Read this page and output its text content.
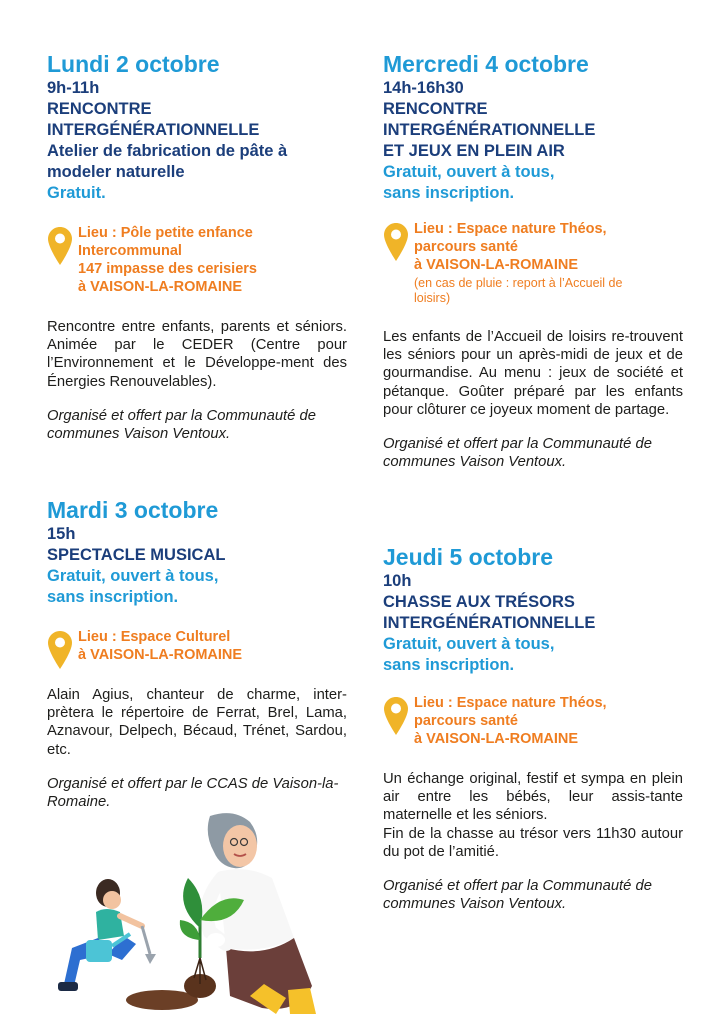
Lundi 2 octobre
9h-11h
RENCONTRE
INTERGÉNÉRATIONNELLE
Atelier de fabrication de pâte à
modeler naturelle
Gratuit.
Lieu : Pôle petite enfance
Intercommunal
147 impasse des cerisiers
à VAISON-LA-ROMAINE

Rencontre entre enfants, parents et séniors. Animée par le CEDER (Centre pour l’Environnement et le Développe-ment des Énergies Renouvelables).

Organisé et offert par la Communauté de communes Vaison Ventoux.
Mercredi 4 octobre
14h-16h30
RENCONTRE
INTERGÉNÉRATIONNELLE
ET JEUX EN PLEIN AIR
Gratuit, ouvert à tous,
sans inscription.
Lieu : Espace nature Théos,
parcours santé
à VAISON-LA-ROMAINE
(en cas de pluie : report à l’Accueil de loisirs)

Les enfants de l’Accueil de loisirs re-trouvent les séniors pour un après-midi de jeux et de gourmandise. Au menu : jeux de société et pétanque. Goûter préparé par les enfants pour clôturer ce joyeux moment de partage.

Organisé et offert par la Communauté de communes Vaison Ventoux.
Mardi 3 octobre
15h
SPECTACLE MUSICAL
Gratuit, ouvert à tous,
sans inscription.
Lieu : Espace Culturel
à VAISON-LA-ROMAINE

Alain Agius, chanteur de charme, inter-prètera le répertoire de Ferrat, Brel, Lama, Aznavour, Delpech, Bécaud, Trénet, Sardou, etc.

Organisé et offert par le CCAS de Vaison-la-Romaine.
Jeudi 5 octobre
10h
CHASSE AUX TRÉSORS
INTERGÉNÉRATIONNELLE
Gratuit, ouvert à tous,
sans inscription.
Lieu : Espace nature Théos,
parcours santé
à VAISON-LA-ROMAINE

Un échange original, festif et sympa en plein air entre les bébés, leur assis-tante maternelle et les séniors.

Fin de la chasse au trésor vers 11h30 autour du pot de l’amitié.

Organisé et offert par la Communauté de communes Vaison Ventoux.
